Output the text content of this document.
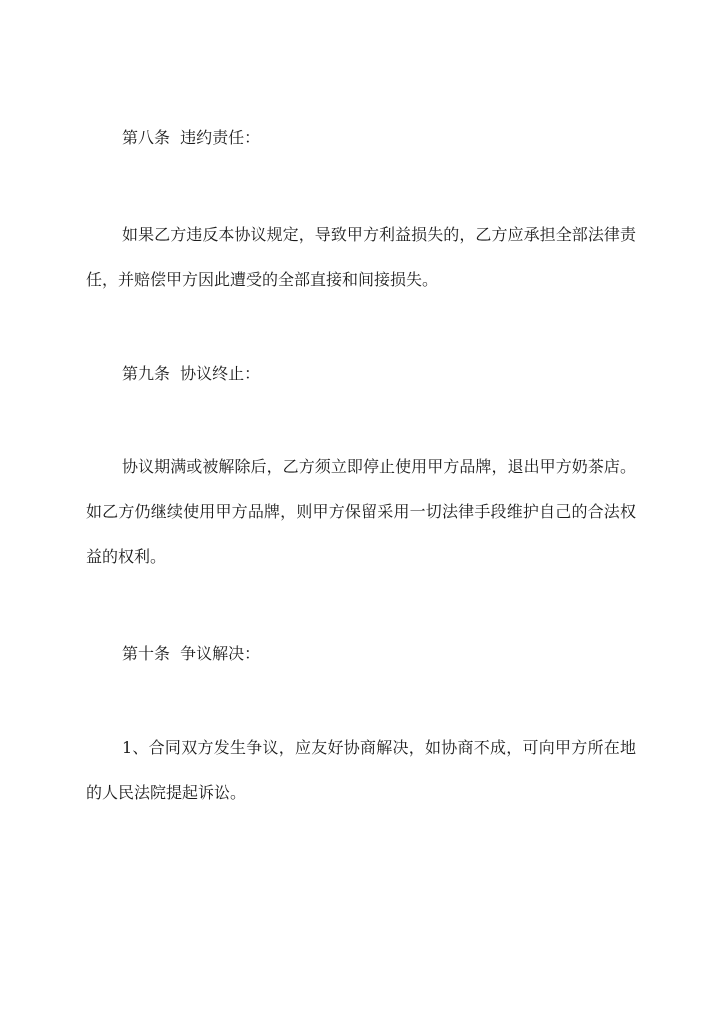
第八条  违约责任：

如果乙方违反本协议规定，导致甲方利益损失的，乙方应承担全部法律责任，并赔偿甲方因此遭受的全部直接和间接损失。

第九条  协议终止：

协议期满或被解除后，乙方须立即停止使用甲方品牌，退出甲方奶茶店。如乙方仍继续使用甲方品牌，则甲方保留采用一切法律手段维护自己的合法权益的权利。

第十条  争议解决：

1、合同双方发生争议，应友好协商解决，如协商不成，可向甲方所在地的人民法院提起诉讼。
